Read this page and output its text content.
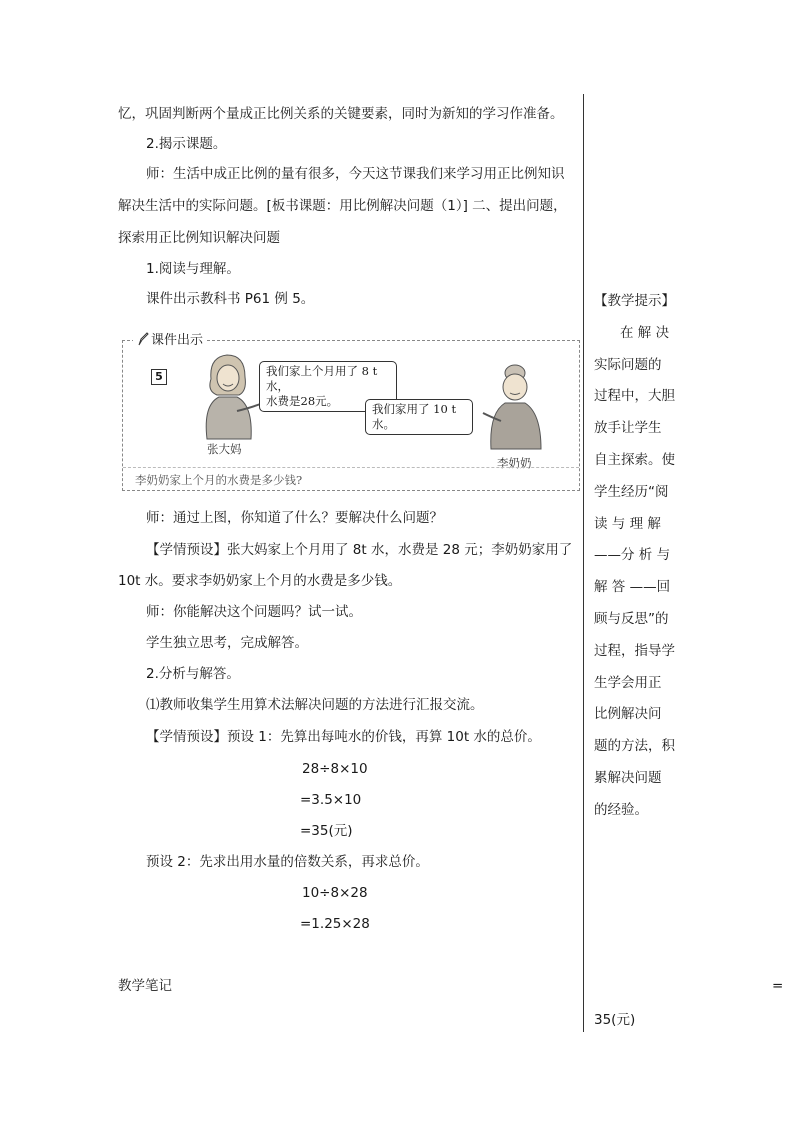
忆，巩固判断两个量成正比例关系的关键要素，同时为新知的学习作准备。
2.揭示课题。
师：生活中成正比例的量有很多，今天这节课我们来学习用正比例知识
解决生活中的实际问题。[板书课题：用比例解决问题（1）] 二、提出问题，
探索用正比例知识解决问题
1.阅读与理解。
课件出示教科书 P61 例 5。
课件出示
5	我们家上个月用了 8 t 水，
水费是28元。
张大妈
我们家用了 10 t 水。
李奶奶
李奶奶家上个月的水费是多少钱?
师：通过上图，你知道了什么？要解决什么问题？
【学情预设】张大妈家上个月用了 8t 水，水费是 28 元；李奶奶家用了
10t 水。要求李奶奶家上个月的水费是多少钱。
师：你能解决这个问题吗？试一试。
学生独立思考，完成解答。
2.分析与解答。
⑴教师收集学生用算术法解决问题的方法进行汇报交流。
【学情预设】预设 1：先算出每吨水的价钱，再算 10t 水的总价。
28÷8×10
=3.5×10
=35(元)
预设 2：先求出用水量的倍数关系，再求总价。
10÷8×28
=1.25×28
教学笔记
【教学提示】
在 解 决
实际问题的
过程中，大胆
放手让学生
自主探索。使
学生经历“阅
读 与 理 解
——分 析 与
解 答 ——回
顾与反思”的
过程，指导学
生学会用正
比例解决问
题的方法，积
累解决问题
的经验。
=
35(元)
